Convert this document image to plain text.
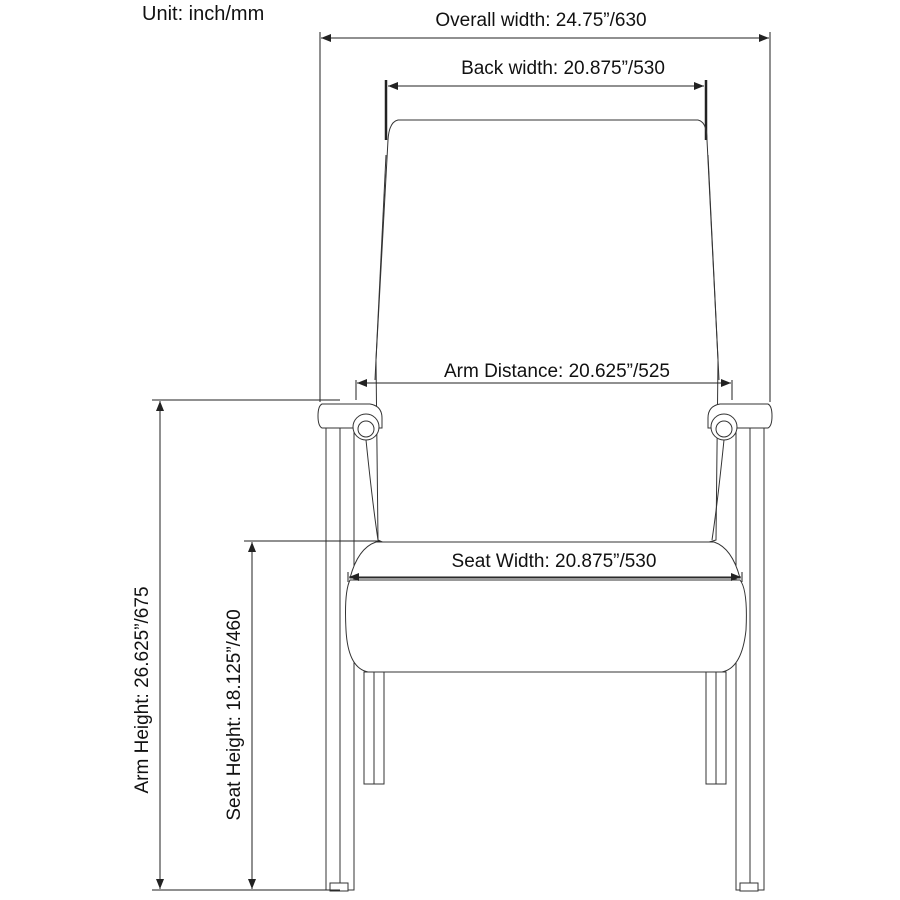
Unit: inch/mm	Overall width: 24.75”/630
Back width: 20.875”/530
Arm Distance: 20.625”/525
Seat Width: 20.875”/530
Arm Height: 26.625”/675	Seat Height: 18.125”/460
